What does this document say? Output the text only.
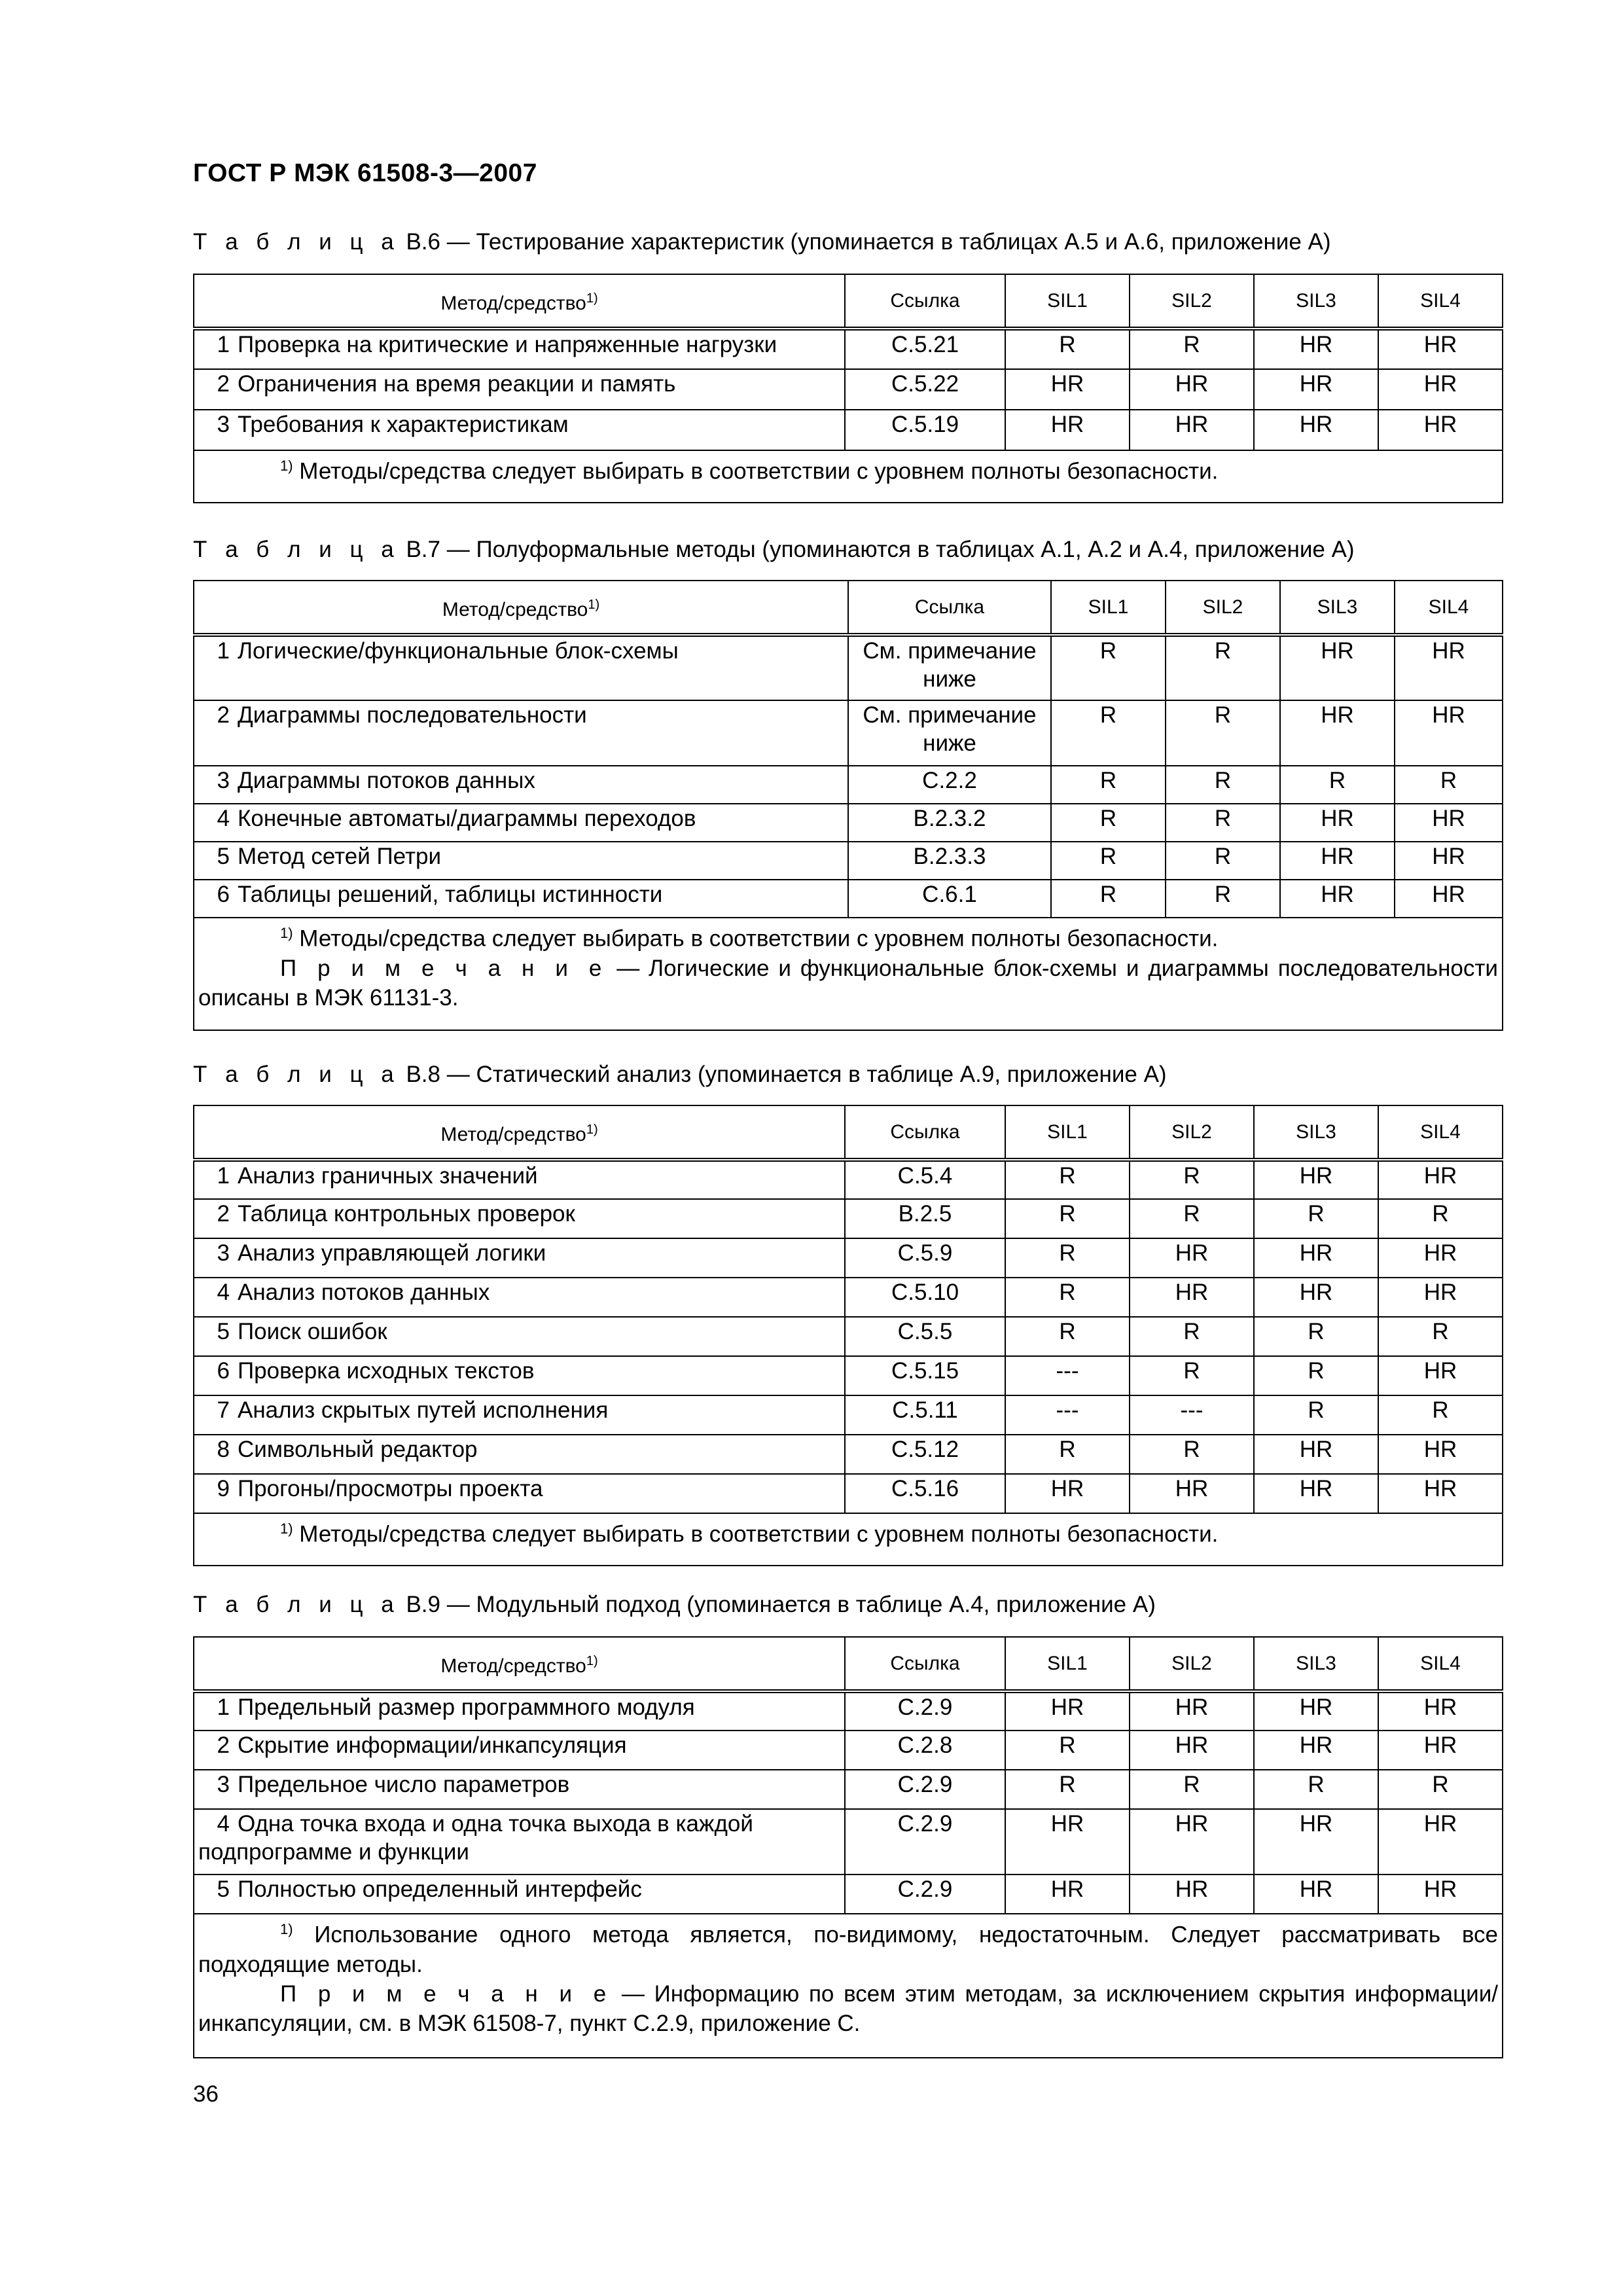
ГОСТ Р МЭК 61508-3—2007
Т а б л и ц а B.6 — Тестирование характеристик (упоминается в таблицах А.5 и А.6, приложение А)
Метод/средство$^{1)}$	Ссылка	SIL1	SIL2	SIL3	SIL4
1 Проверка на критические и напряженные нагрузки	C.5.21	R	R	HR	HR
2 Ограничения на время реакции и память	C.5.22	HR	HR	HR	HR
3 Требования к характеристикам	C.5.19	HR	HR	HR	HR

$^{1)}$ Методы/средства следует выбирать в соответствии с уровнем полноты безопасности.					

Т а б л и ц а B.7 — Полуформальные методы (упоминаются в таблицах А.1, А.2 и А.4, приложение А)
Метод/средство$^{1)}$	Ссылка	SIL1	SIL2	SIL3	SIL4
1 Логические/функциональные блок-схемы	См. примечание ниже	R	R	HR	HR
2 Диаграммы последовательности	См. примечание ниже	R	R	HR	HR
3 Диаграммы потоков данных	C.2.2	R	R	R	R
4 Конечные автоматы/диаграммы переходов	B.2.3.2	R	R	HR	HR
5 Метод сетей Петри	B.2.3.3	R	R	HR	HR
6 Таблицы решений, таблицы истинности	C.6.1	R	R	HR	HR

$^{1)}$ Методы/средства следует выбирать в соответствии с уровнем полноты безопасности.

П р и м е ч а н и е — Логические и функциональные блок-схемы и диаграммы последовательности описаны в МЭК 61131-3.					

Т а б л и ц а B.8 — Статический анализ (упоминается в таблице А.9, приложение А)
Метод/средство$^{1)}$	Ссылка	SIL1	SIL2	SIL3	SIL4
1 Анализ граничных значений	C.5.4	R	R	HR	HR
2 Таблица контрольных проверок	B.2.5	R	R	R	R
3 Анализ управляющей логики	C.5.9	R	HR	HR	HR
4 Анализ потоков данных	C.5.10	R	HR	HR	HR
5 Поиск ошибок	C.5.5	R	R	R	R
6 Проверка исходных текстов	C.5.15	---	R	R	HR
7 Анализ скрытых путей исполнения	C.5.11	---	---	R	R
8 Символьный редактор	C.5.12	R	R	HR	HR
9 Прогоны/просмотры проекта	C.5.16	HR	HR	HR	HR

$^{1)}$ Методы/средства следует выбирать в соответствии с уровнем полноты безопасности.					

Т а б л и ц а B.9 — Модульный подход (упоминается в таблице А.4, приложение А)
Метод/средство$^{1)}$	Ссылка	SIL1	SIL2	SIL3	SIL4
1 Предельный размер программного модуля	C.2.9	HR	HR	HR	HR
2 Скрытие информации/инкапсуляция	C.2.8	R	HR	HR	HR
3 Предельное число параметров	C.2.9	R	R	R	R
4 Одна точка входа и одна точка выхода в каждой подпрограмме и функции	C.2.9	HR	HR	HR	HR
5 Полностью определенный интерфейс	C.2.9	HR	HR	HR	HR

$^{1)}$ Использование одного метода является, по-видимому, недостаточным. Следует рассматривать все подходящие методы.

П р и м е ч а н и е — Информацию по всем этим методам, за исключением скрытия информации/инкапсуляции, см. в МЭК 61508-7, пункт С.2.9, приложение С.					

36
